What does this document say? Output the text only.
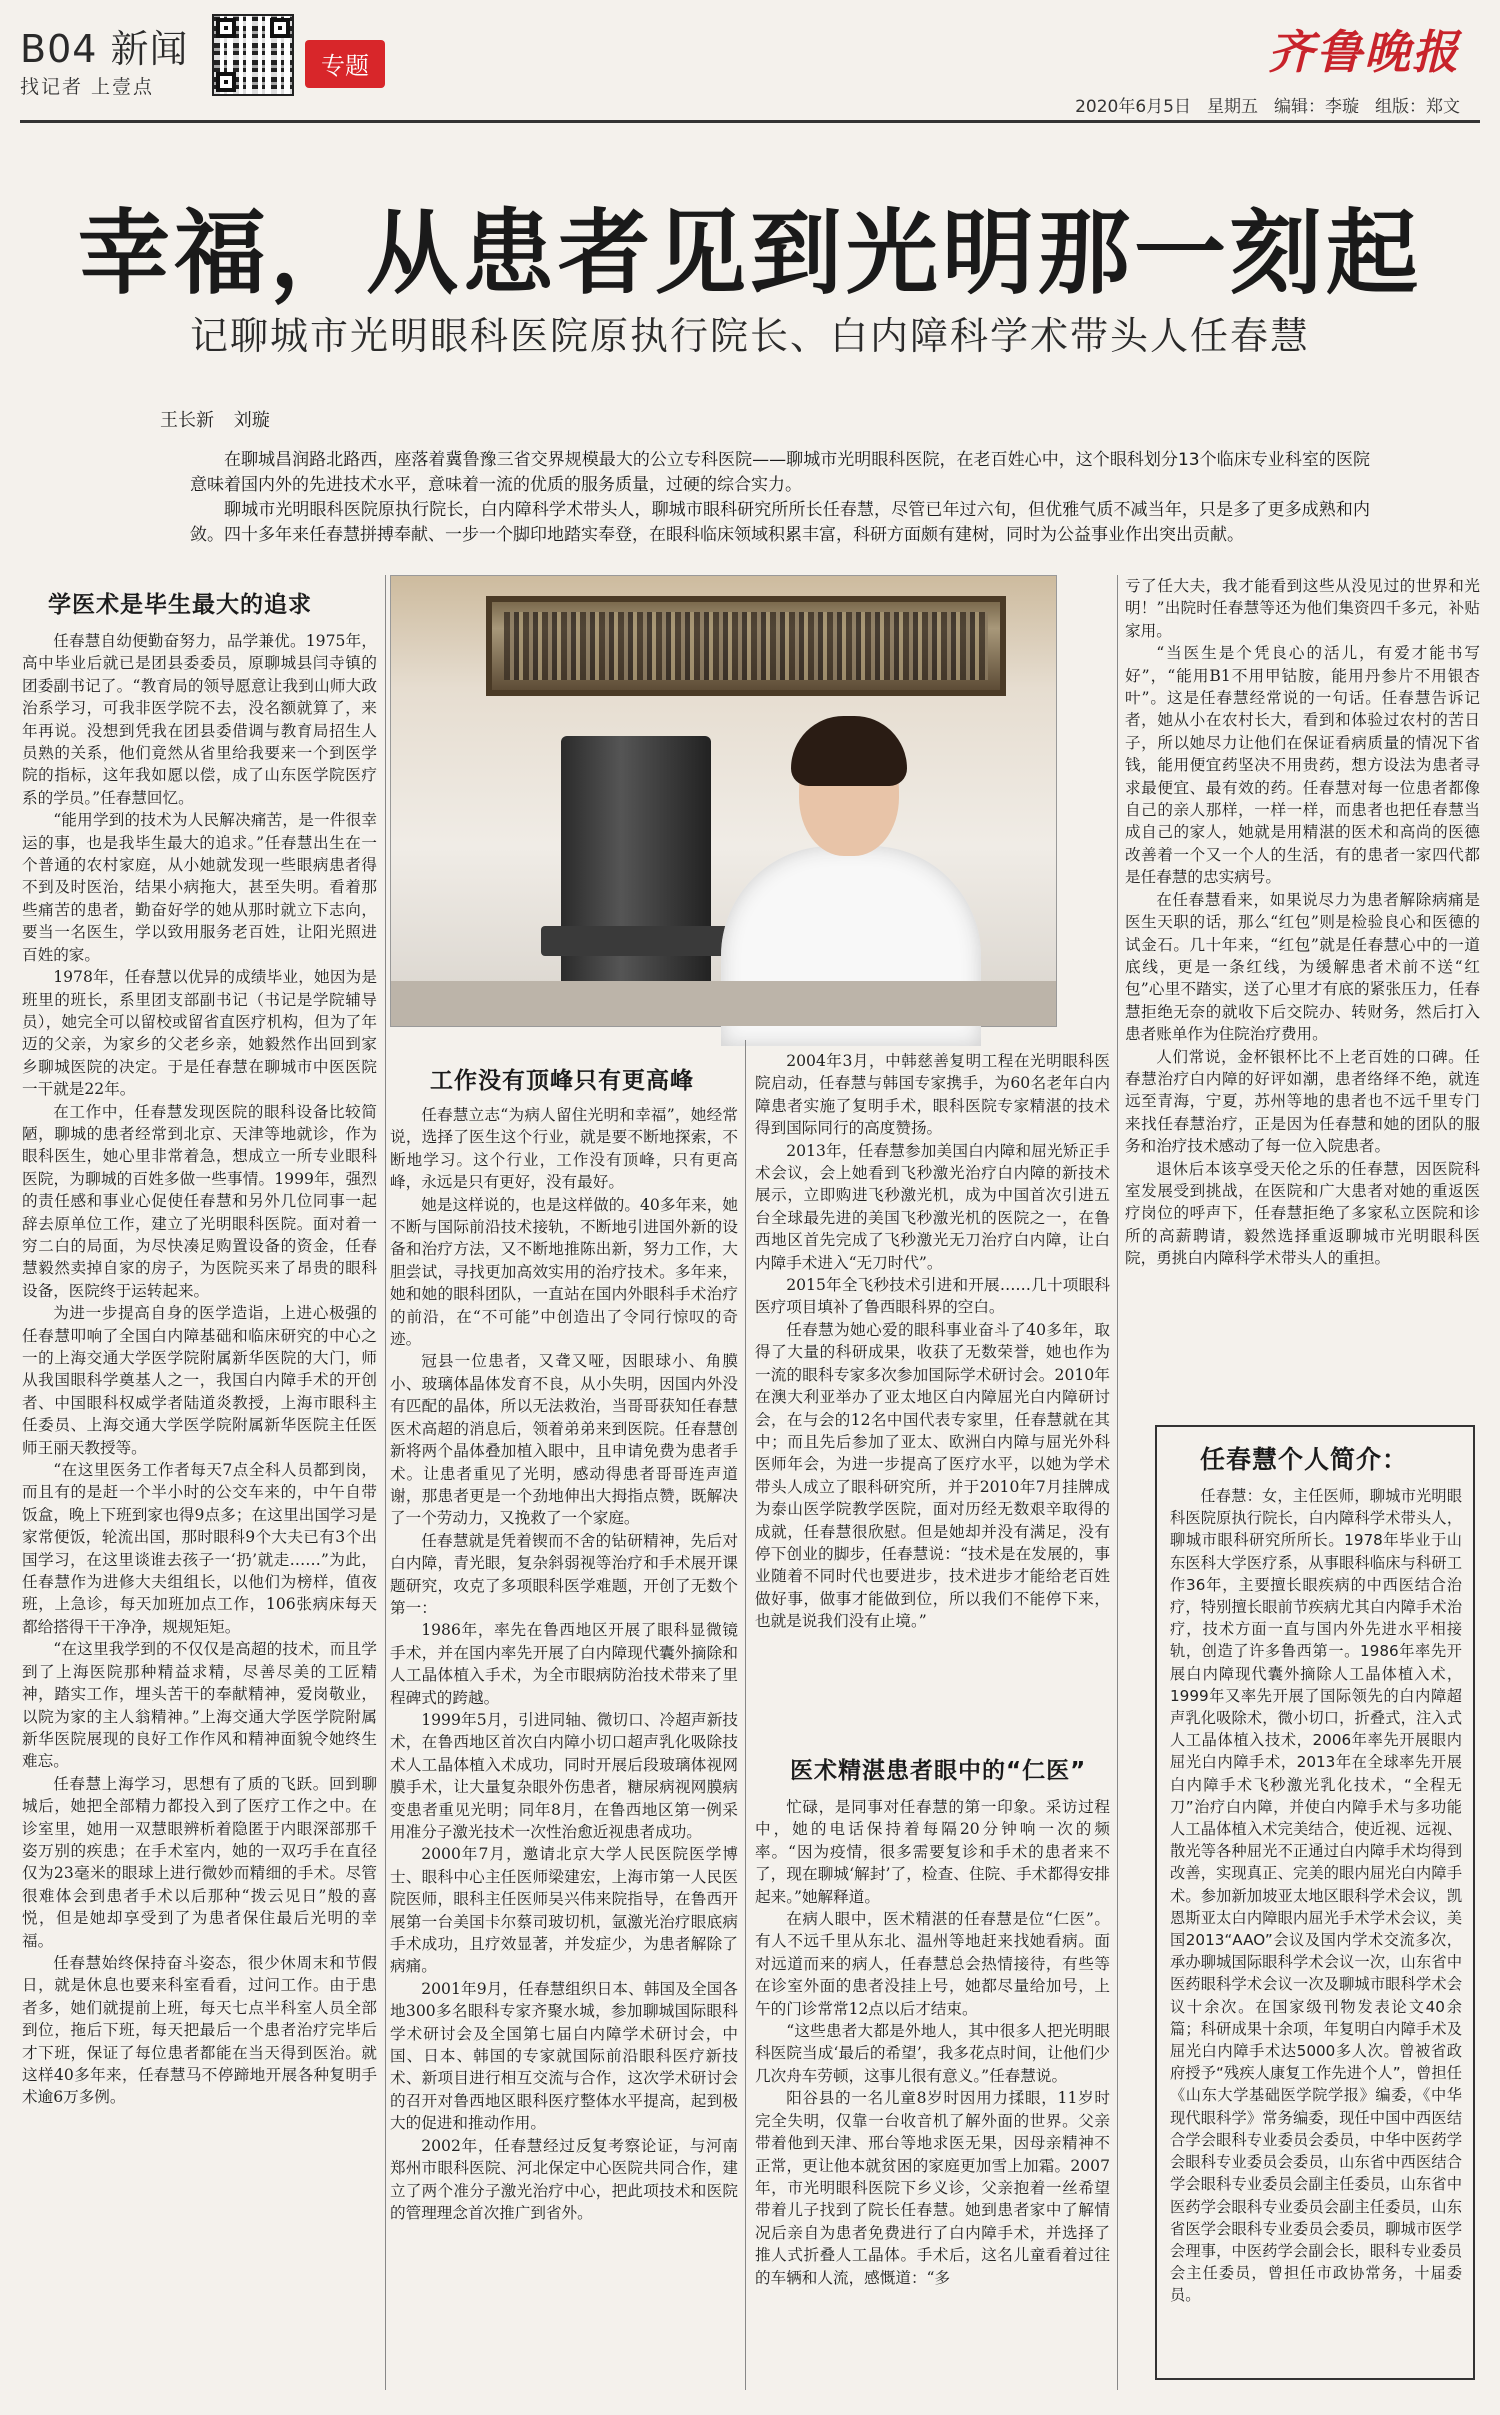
B04 新闻
找记者 上壹点
专题	齐鲁晚报
2020年6月5日 星期五 编辑：李璇 组版：郑文
幸福，从患者见到光明那一刻起
记聊城市光明眼科医院原执行院长、白内障科学术带头人任春慧
王长新 刘璇

在聊城昌润路北路西，座落着冀鲁豫三省交界规模最大的公立专科医院——聊城市光明眼科医院，在老百姓心中，这个眼科划分13个临床专业科室的医院意味着国内外的先进技术水平，意味着一流的优质的服务质量，过硬的综合实力。

聊城市光明眼科医院原执行院长，白内障科学术带头人，聊城市眼科研究所所长任春慧，尽管已年过六旬，但优雅气质不减当年，只是多了更多成熟和内敛。四十多年来任春慧拼搏奉献、一步一个脚印地踏实奉登，在眼科临床领域积累丰富，科研方面颇有建树，同时为公益事业作出突出贡献。

学医术是毕生最大的追求

任春慧自幼便勤奋努力，品学兼优。1975年，高中毕业后就已是团县委委员，原聊城县闫寺镇的团委副书记了。“教育局的领导愿意让我到山师大政治系学习，可我非医学院不去，没名额就算了，来年再说。没想到凭我在团县委借调与教育局招生人员熟的关系，他们竟然从省里给我要来一个到医学院的指标，这年我如愿以偿，成了山东医学院医疗系的学员。”任春慧回忆。

“能用学到的技术为人民解决痛苦，是一件很幸运的事，也是我毕生最大的追求。”任春慧出生在一个普通的农村家庭，从小她就发现一些眼病患者得不到及时医治，结果小病拖大，甚至失明。看着那些痛苦的患者，勤奋好学的她从那时就立下志向，要当一名医生，学以致用服务老百姓，让阳光照进百姓的家。

1978年，任春慧以优异的成绩毕业，她因为是班里的班长，系里团支部副书记（书记是学院辅导员），她完全可以留校或留省直医疗机构，但为了年迈的父亲，为家乡的父老乡亲，她毅然作出回到家乡聊城医院的决定。于是任春慧在聊城市中医医院一干就是22年。

在工作中，任春慧发现医院的眼科设备比较简陋，聊城的患者经常到北京、天津等地就诊，作为眼科医生，她心里非常着急，想成立一所专业眼科医院，为聊城的百姓多做一些事情。1999年，强烈的责任感和事业心促使任春慧和另外几位同事一起辞去原单位工作，建立了光明眼科医院。面对着一穷二白的局面，为尽快凑足购置设备的资金，任春慧毅然卖掉自家的房子，为医院买来了昂贵的眼科设备，医院终于运转起来。

为进一步提高自身的医学造诣，上进心极强的任春慧叩响了全国白内障基础和临床研究的中心之一的上海交通大学医学院附属新华医院的大门，师从我国眼科学奠基人之一，我国白内障手术的开创者、中国眼科权威学者陆道炎教授，上海市眼科主任委员、上海交通大学医学院附属新华医院主任医师王丽天教授等。

“在这里医务工作者每天7点全科人员都到岗，而且有的是赶一个半小时的公交车来的，中午自带饭盒，晚上下班到家也得9点多；在这里出国学习是家常便饭，轮流出国，那时眼科9个大夫已有3个出国学习，在这里谈谁去孩子一‘扔’就走……”为此，任春慧作为进修大夫组组长，以他们为榜样，值夜班，上急诊，每天加班加点工作，106张病床每天都给搭得干干净净，规规矩矩。

“在这里我学到的不仅仅是高超的技术，而且学到了上海医院那种精益求精，尽善尽美的工匠精神，踏实工作，埋头苦干的奉献精神，爱岗敬业，以院为家的主人翁精神。”上海交通大学医学院附属新华医院展现的良好工作作风和精神面貌令她终生难忘。

任春慧上海学习，思想有了质的飞跃。回到聊城后，她把全部精力都投入到了医疗工作之中。在诊室里，她用一双慧眼辨析着隐匿于内眼深部那千姿万别的疾患；在手术室内，她的一双巧手在直径仅为23毫米的眼球上进行微妙而精细的手术。尽管很难体会到患者手术以后那种“拨云见日”般的喜悦，但是她却享受到了为患者保住最后光明的幸福。

任春慧始终保持奋斗姿态，很少休周末和节假日，就是休息也要来科室看看，过问工作。由于患者多，她们就提前上班，每天七点半科室人员全部到位，拖后下班，每天把最后一个患者治疗完毕后才下班，保证了每位患者都能在当天得到医治。就这样40多年来，任春慧马不停蹄地开展各种复明手术逾6万多例。

工作没有顶峰只有更高峰

任春慧立志“为病人留住光明和幸福”，她经常说，选择了医生这个行业，就是要不断地探索，不断地学习。这个行业，工作没有顶峰，只有更高峰，永远是只有更好，没有最好。

她是这样说的，也是这样做的。40多年来，她不断与国际前沿技术接轨，不断地引进国外新的设备和治疗方法，又不断地推陈出新，努力工作，大胆尝试，寻找更加高效实用的治疗技术。多年来，她和她的眼科团队，一直站在国内外眼科手术治疗的前沿，在“不可能”中创造出了令同行惊叹的奇迹。

冠县一位患者，又聋又哑，因眼球小、角膜小、玻璃体晶体发育不良，从小失明，因国内外没有匹配的晶体，所以无法救治，当哥哥获知任春慧医术高超的消息后，领着弟弟来到医院。任春慧创新将两个晶体叠加植入眼中，且申请免费为患者手术。让患者重见了光明，感动得患者哥哥连声道谢，那患者更是一个劲地伸出大拇指点赞，既解决了一个劳动力，又挽救了一个家庭。

任春慧就是凭着锲而不舍的钻研精神，先后对白内障，青光眼，复杂斜弱视等治疗和手术展开课题研究，攻克了多项眼科医学难题，开创了无数个第一：

1986年，率先在鲁西地区开展了眼科显微镜手术，并在国内率先开展了白内障现代囊外摘除和人工晶体植入手术，为全市眼病防治技术带来了里程碑式的跨越。

1999年5月，引进同轴、微切口、冷超声新技术，在鲁西地区首次白内障小切口超声乳化吸除技术人工晶体植入术成功，同时开展后段玻璃体视网膜手术，让大量复杂眼外伤患者，糖尿病视网膜病变患者重见光明；同年8月，在鲁西地区第一例采用准分子激光技术一次性治愈近视患者成功。

2000年7月，邀请北京大学人民医院医学博士、眼科中心主任医师梁建宏，上海市第一人民医院医师，眼科主任医师吴兴伟来院指导，在鲁西开展第一台美国卡尔蔡司玻切机，氩激光治疗眼底病手术成功，且疗效显著，并发症少，为患者解除了病痛。

2001年9月，任春慧组织日本、韩国及全国各地300多名眼科专家齐聚水城，参加聊城国际眼科学术研讨会及全国第七届白内障学术研讨会，中国、日本、韩国的专家就国际前沿眼科医疗新技术、新项目进行相互交流与合作，这次学术研讨会的召开对鲁西地区眼科医疗整体水平提高，起到极大的促进和推动作用。

2002年，任春慧经过反复考察论证，与河南郑州市眼科医院、河北保定中心医院共同合作，建立了两个准分子激光治疗中心，把此项技术和医院的管理理念首次推广到省外。

2004年3月，中韩慈善复明工程在光明眼科医院启动，任春慧与韩国专家携手，为60名老年白内障患者实施了复明手术，眼科医院专家精湛的技术得到国际同行的高度赞扬。

2013年，任春慧参加美国白内障和屈光矫正手术会议，会上她看到飞秒激光治疗白内障的新技术展示，立即购进飞秒激光机，成为中国首次引进五台全球最先进的美国飞秒激光机的医院之一，在鲁西地区首先完成了飞秒激光无刀治疗白内障，让白内障手术进入“无刀时代”。

2015年全飞秒技术引进和开展……几十项眼科医疗项目填补了鲁西眼科界的空白。

任春慧为她心爱的眼科事业奋斗了40多年，取得了大量的科研成果，收获了无数荣誉，她也作为一流的眼科专家多次参加国际学术研讨会。2010年在澳大利亚举办了亚太地区白内障屈光白内障研讨会，在与会的12名中国代表专家里，任春慧就在其中；而且先后参加了亚太、欧洲白内障与屈光外科医师年会，为进一步提高了医疗水平，以她为学术带头人成立了眼科研究所，并于2010年7月挂牌成为泰山医学院教学医院，面对历经无数艰辛取得的成就，任春慧很欣慰。但是她却并没有满足，没有停下创业的脚步，任春慧说：“技术是在发展的，事业随着不同时代也要进步，技术进步才能给老百姓做好事，做事才能做到位，所以我们不能停下来，也就是说我们没有止境。”

医术精湛患者眼中的“仁医”

忙碌，是同事对任春慧的第一印象。采访过程中，她的电话保持着每隔20分钟响一次的频率。“因为疫情，很多需要复诊和手术的患者来不了，现在聊城‘解封’了，检查、住院、手术都得安排起来。”她解释道。

在病人眼中，医术精湛的任春慧是位“仁医”。有人不远千里从东北、温州等地赶来找她看病。面对远道而来的病人，任春慧总会热情接待，有些等在诊室外面的患者没挂上号，她都尽量给加号，上午的门诊常常12点以后才结束。

“这些患者大都是外地人，其中很多人把光明眼科医院当成‘最后的希望’，我多花点时间，让他们少几次舟车劳顿，这事儿很有意义。”任春慧说。

阳谷县的一名儿童8岁时因用力揉眼，11岁时完全失明，仅靠一台收音机了解外面的世界。父亲带着他到天津、邢台等地求医无果，因母亲精神不正常，更让他本就贫困的家庭更加雪上加霜。2007年，市光明眼科医院下乡义诊，父亲抱着一丝希望带着儿子找到了院长任春慧。她到患者家中了解情况后亲自为患者免费进行了白内障手术，并选择了推人式折叠人工晶体。手术后，这名儿童看着过往的车辆和人流，感慨道：“多

亏了任大夫，我才能看到这些从没见过的世界和光明！”出院时任春慧等还为他们集资四千多元，补贴家用。

“当医生是个凭良心的活儿，有爱才能书写好”，“能用B1不用甲钴胺，能用丹参片不用银杏叶”。这是任春慧经常说的一句话。任春慧告诉记者，她从小在农村长大，看到和体验过农村的苦日子，所以她尽力让他们在保证看病质量的情况下省钱，能用便宜药坚决不用贵药，想方设法为患者寻求最便宜、最有效的药。任春慧对每一位患者都像自己的亲人那样，一样一样，而患者也把任春慧当成自己的家人，她就是用精湛的医术和高尚的医德改善着一个又一个人的生活，有的患者一家四代都是任春慧的忠实病号。

在任春慧看来，如果说尽力为患者解除病痛是医生天职的话，那么“红包”则是检验良心和医德的试金石。几十年来，“红包”就是任春慧心中的一道底线，更是一条红线，为缓解患者术前不送“红包”心里不踏实，送了心里才有底的紧张压力，任春慧拒绝无奈的就收下后交院办、转财务，然后打入患者账单作为住院治疗费用。

人们常说，金杯银杯比不上老百姓的口碑。任春慧治疗白内障的好评如潮，患者络绎不绝，就连远至青海，宁夏，苏州等地的患者也不远千里专门来找任春慧治疗，正是因为任春慧和她的团队的服务和治疗技术感动了每一位入院患者。

退休后本该享受天伦之乐的任春慧，因医院科室发展受到挑战，在医院和广大患者对她的重返医疗岗位的呼声下，任春慧拒绝了多家私立医院和诊所的高薪聘请，毅然选择重返聊城市光明眼科医院，勇挑白内障科学术带头人的重担。

任春慧个人简介：

任春慧：女，主任医师，聊城市光明眼科医院原执行院长，白内障科学术带头人，聊城市眼科研究所所长。1978年毕业于山东医科大学医疗系，从事眼科临床与科研工作36年，主要擅长眼疾病的中西医结合治疗，特别擅长眼前节疾病尤其白内障手术治疗，技术方面一直与国内外先进水平相接轨，创造了许多鲁西第一。1986年率先开展白内障现代囊外摘除人工晶体植入术，1999年又率先开展了国际领先的白内障超声乳化吸除术，微小切口，折叠式，注入式人工晶体植入技术，2006年率先开展眼内屈光白内障手术，2013年在全球率先开展白内障手术飞秒激光乳化技术，“全程无刀”治疗白内障，并使白内障手术与多功能人工晶体植入术完美结合，使近视、远视、散光等各种屈光不正通过白内障手术均得到改善，实现真正、完美的眼内屈光白内障手术。参加新加坡亚太地区眼科学术会议，凯恩斯亚太白内障眼内屈光手术学术会议，美国2013“AAO”会议及国内学术交流多次，承办聊城国际眼科学术会议一次，山东省中医药眼科学术会议一次及聊城市眼科学术会议十余次。在国家级刊物发表论文40余篇；科研成果十余项，年复明白内障手术及屈光白内障手术达5000多人次。曾被省政府授予“残疾人康复工作先进个人”，曾担任《山东大学基础医学院学报》编委，《中华现代眼科学》常务编委，现任中国中西医结合学会眼科专业委员会委员，中华中医药学会眼科专业委员会委员，山东省中西医结合学会眼科专业委员会副主任委员，山东省中医药学会眼科专业委员会副主任委员，山东省医学会眼科专业委员会委员，聊城市医学会理事，中医药学会副会长，眼科专业委员会主任委员，曾担任市政协常务，十届委员。
